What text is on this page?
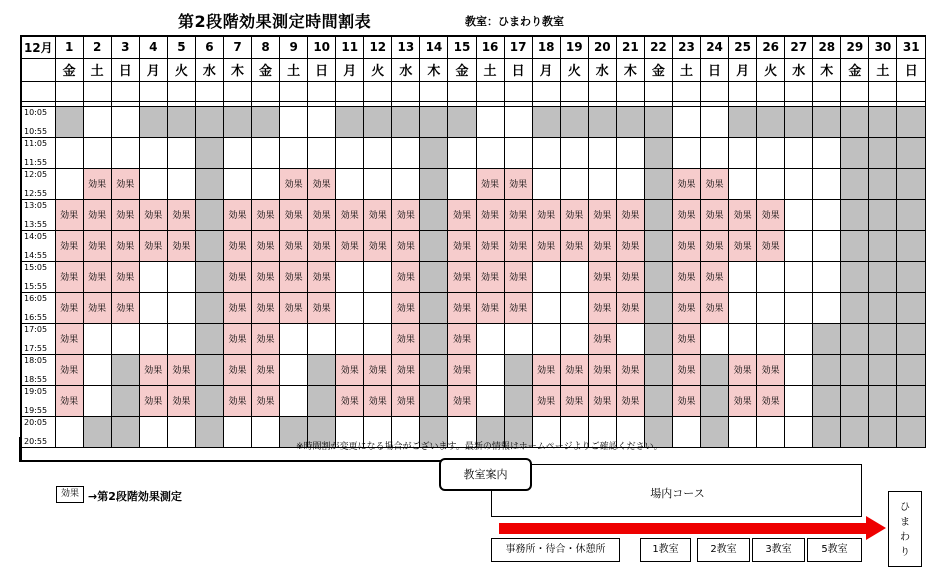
第2段階効果測定時間割表	教室：ひまわり教室
12月	1	2	3	4	5	6	7	8	9	10	11	12	13	14	15	16	17	18	19	20	21	22	23	24	25	26	27	28	29	30	31
	金	土	日	月	火	水	木	金	土	日	月	火	水	木	金	土	日	月	火	水	木	金	土	日	月	火	水	木	金	土	日

10:05
10:55																															

11:05
11:55																															

12:05
12:55		効果	効果						効果	効果						効果	効果						効果	効果							

13:05
13:55	効果	効果	効果	効果	効果		効果	効果	効果	効果	効果	効果	効果		効果	効果	効果	効果	効果	効果	効果		効果	効果	効果	効果					

14:05
14:55	効果	効果	効果	効果	効果		効果	効果	効果	効果	効果	効果	効果		効果	効果	効果	効果	効果	効果	効果		効果	効果	効果	効果					

15:05
15:55	効果	効果	効果				効果	効果	効果	効果			効果		効果	効果	効果			効果	効果		効果	効果							

16:05
16:55	効果	効果	効果				効果	効果	効果	効果			効果		効果	効果	効果			効果	効果		効果	効果							

17:05
17:55	効果						効果	効果					効果		効果					効果			効果								

18:05
18:55	効果			効果	効果		効果	効果			効果	効果	効果		効果			効果	効果	効果	効果		効果		効果	効果					

19:05
19:55	効果			効果	効果		効果	効果			効果	効果	効果		効果			効果	効果	効果	効果		効果		効果	効果					

20:05
20:55																															

※時間割が変更になる場合がございます。最新の情報はホームページよりご確認ください。
効果 →第2段階効果測定	場内コース
教室案内
ひ
ま
わ
り
事務所・待合・休憩所	1教室	2教室	3教室	5教室
